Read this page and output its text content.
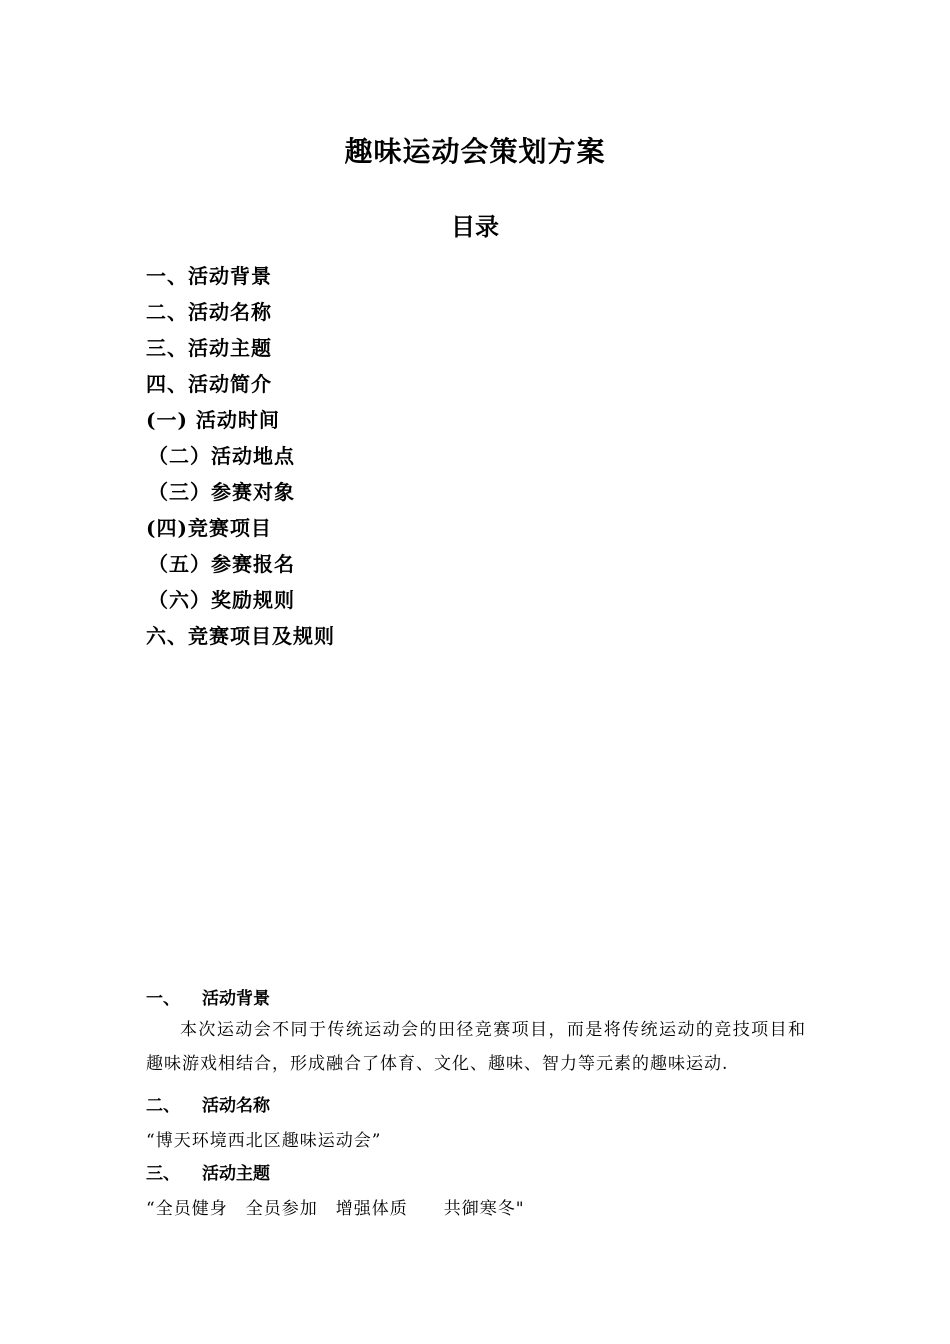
趣味运动会策划方案
目录
一、活动背景
二、活动名称
三、活动主题
四、活动简介
(一) 活动时间
（二）活动地点
（三）参赛对象
(四)竞赛项目
（五）参赛报名
（六）奖励规则
六、竞赛项目及规则
一、 活动背景
本次运动会不同于传统运动会的田径竞赛项目，而是将传统运动的竞技项目和趣味游戏相结合，形成融合了体育、文化、趣味、智力等元素的趣味运动.
二、 活动名称
“博天环境西北区趣味运动会”
三、 活动主题
“全员健身　全员参加　增强体质　　共御寒冬"
